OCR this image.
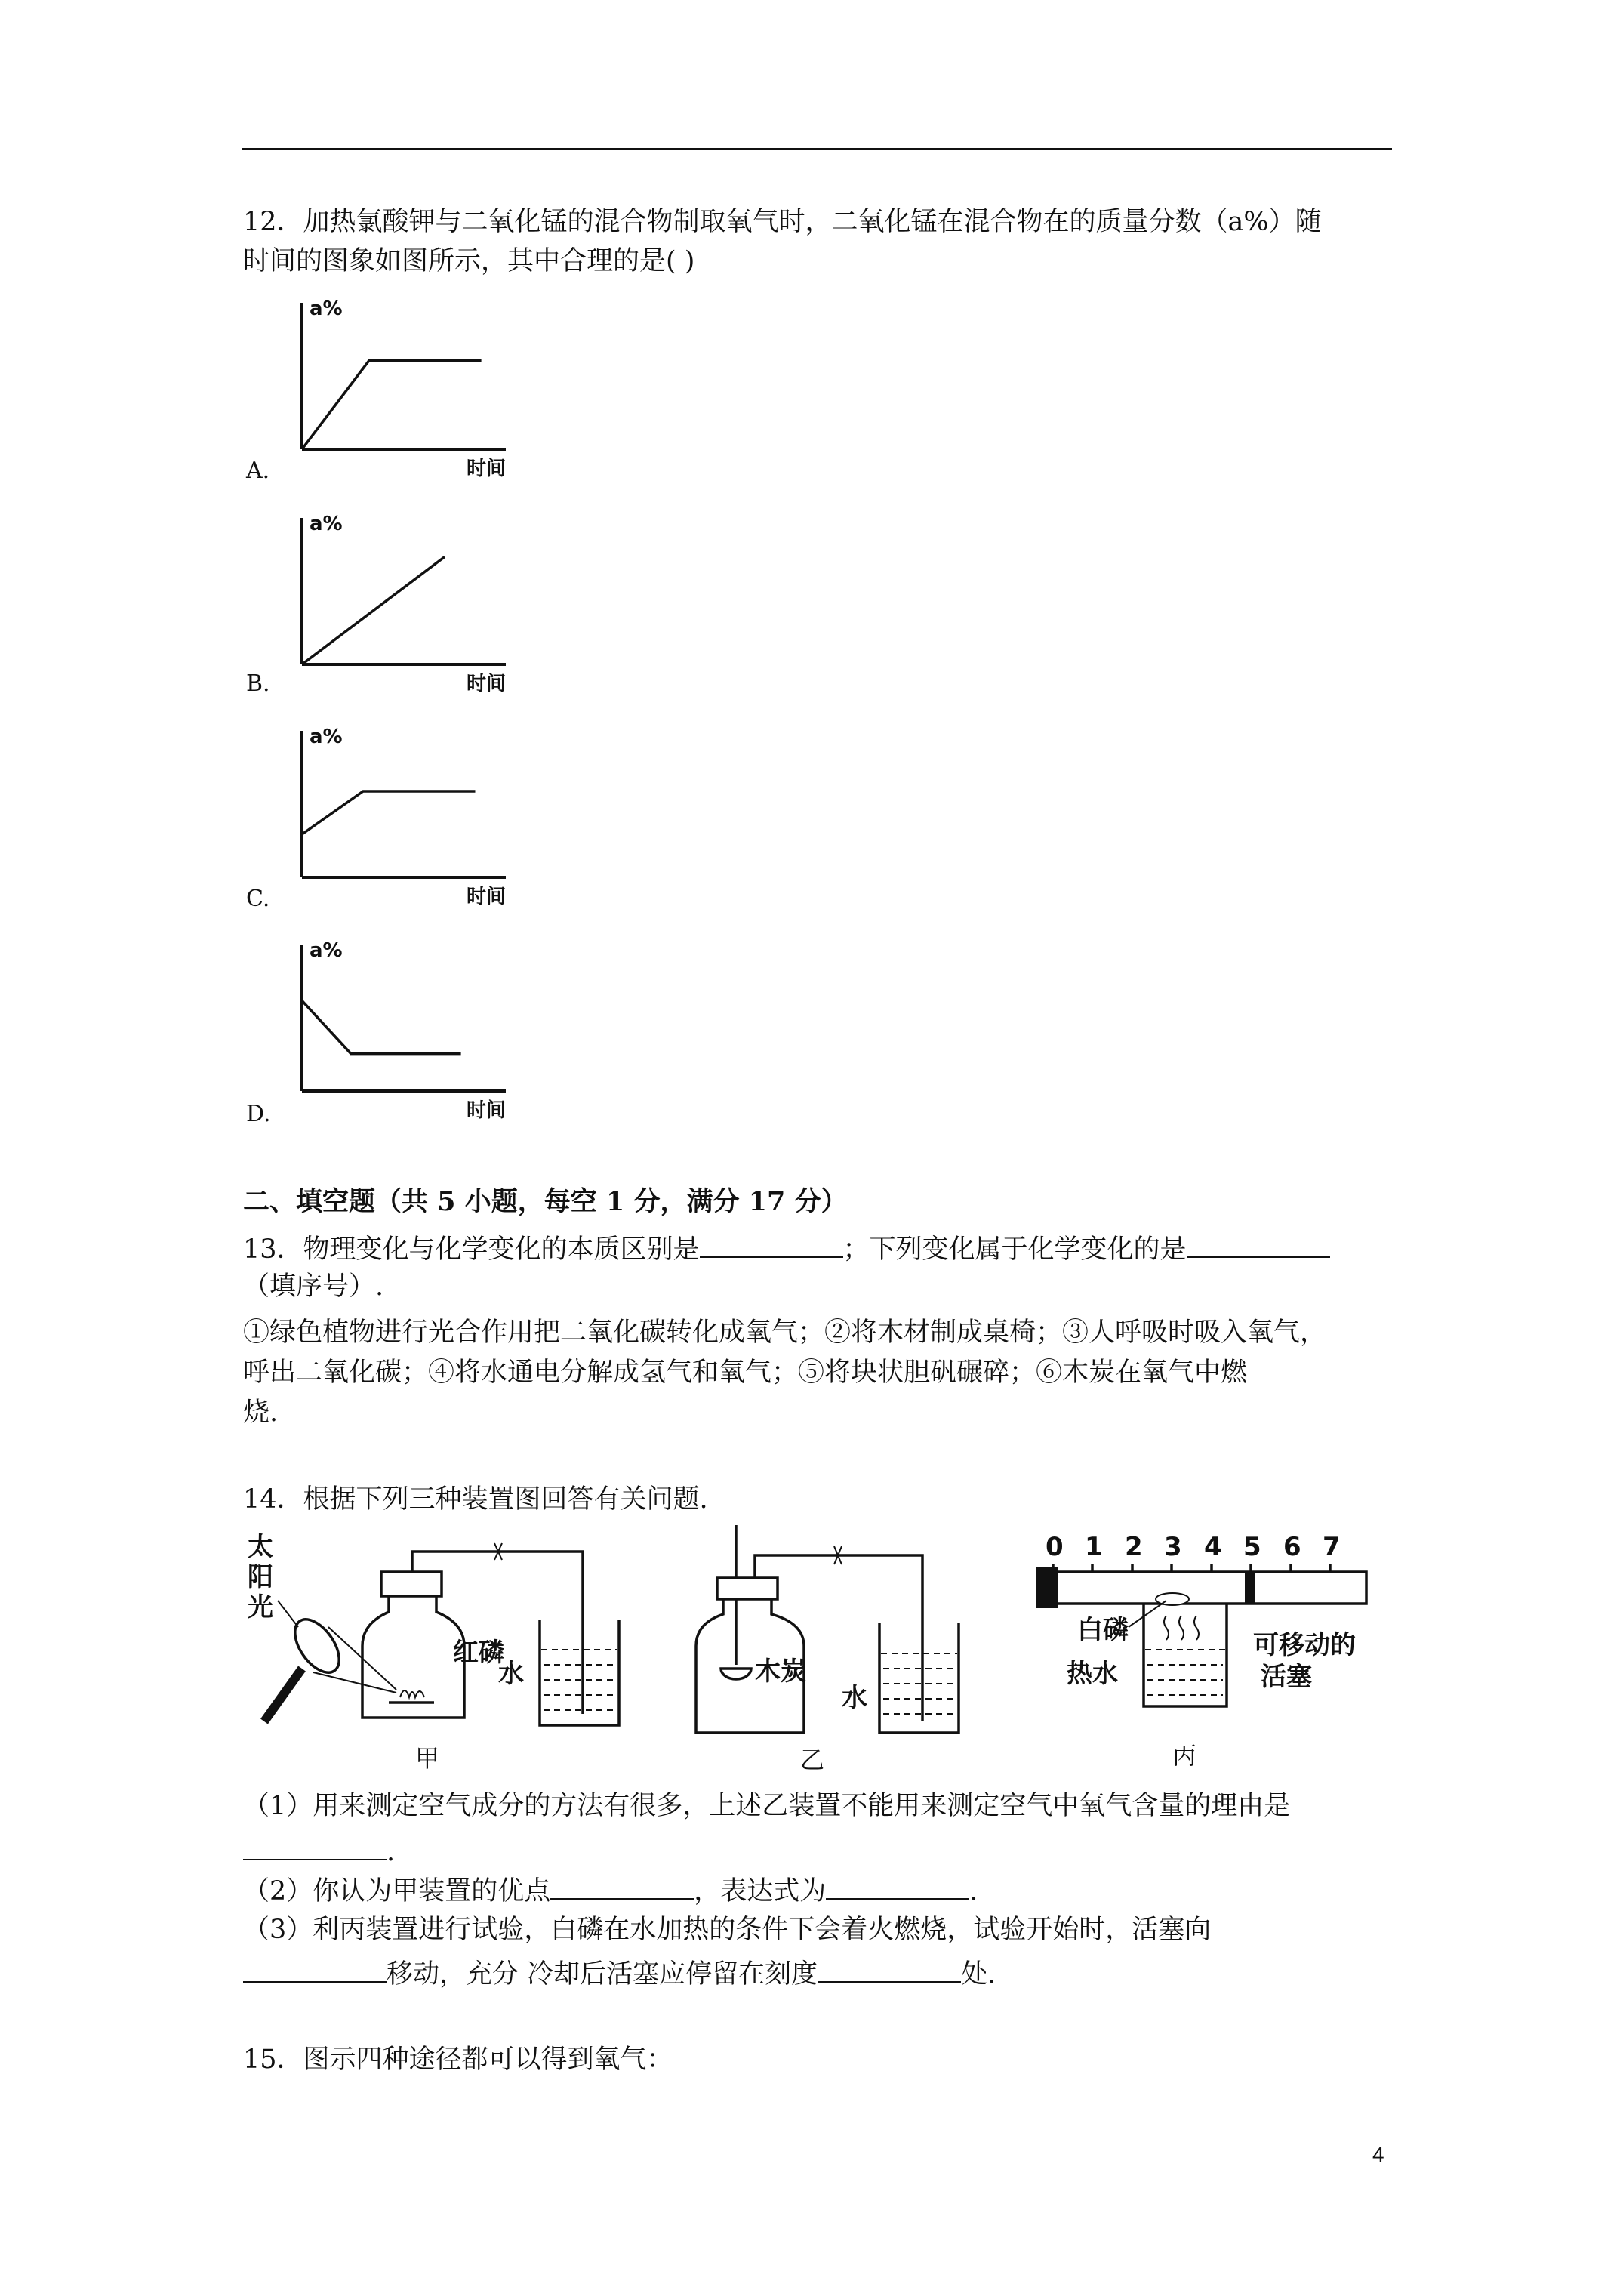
12．加热氯酸钾与二氧化锰的混合物制取氧气时，二氧化锰在混合物在的质量分数（a%）随
时间的图象如图所示，其中合理的是( )
a%
时间
A.
a%
时间
B.
a%
时间
C.
a%
时间
D.
二、填空题（共 5 小题，每空 1 分，满分 17 分）
13．物理变化与化学变化的本质区别是	；下列变化属于化学变化的是
（填序号）.
①绿色植物进行光合作用把二氧化碳转化成氧气；②将木材制成桌椅；③人呼吸时吸入氧气，
呼出二氧化碳；④将水通电分解成氢气和氧气；⑤将块状胆矾碾碎；⑥木炭在氧气中燃
烧.
14．根据下列三种装置图回答有关问题.
太
阳
光
红磷
水
甲
木炭
水
乙
0 1 2 3 4 5 6 7
白磷
热水
可移动的
活塞
丙
（1）用来测定空气成分的方法有很多，上述乙装置不能用来测定空气中氧气含量的理由是
.
（2）你认为甲装置的优点	，表达式为	.
（3）利丙装置进行试验，白磷在水加热的条件下会着火燃烧，试验开始时，活塞向
移动，充分 冷却后活塞应停留在刻度	处.
15．图示四种途径都可以得到氧气：
4
